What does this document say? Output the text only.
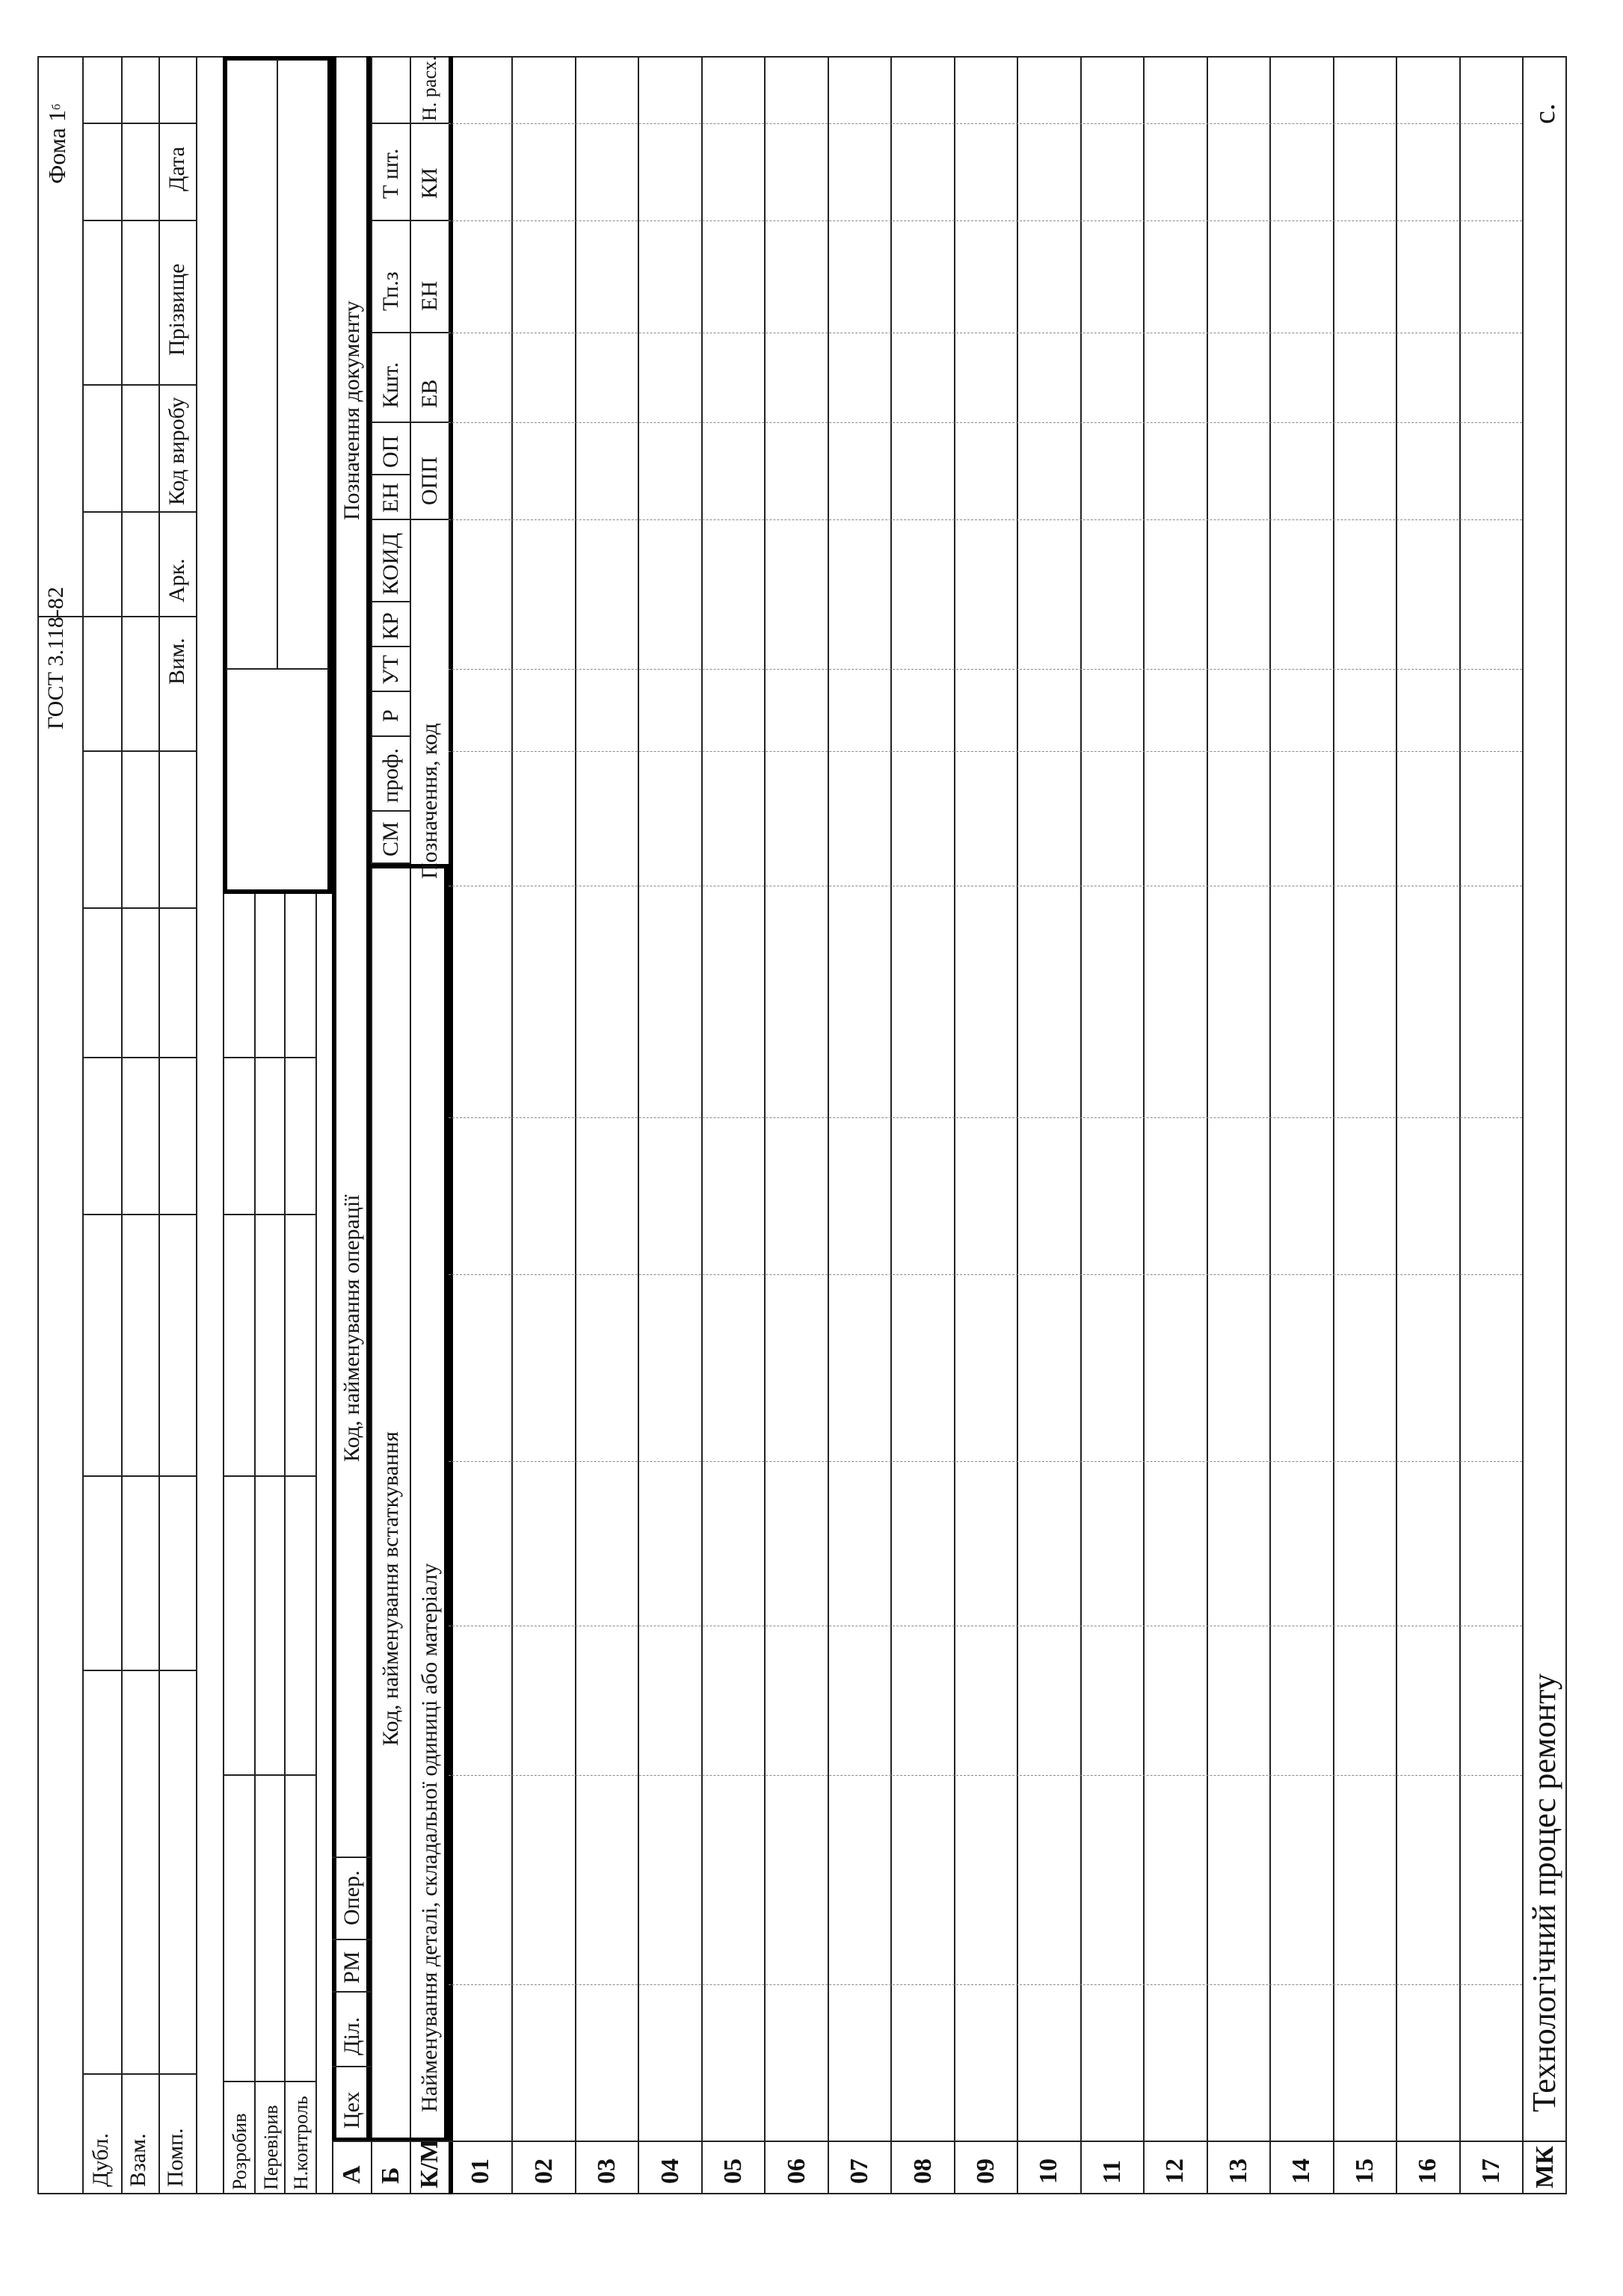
ГОСТ 3.118-82
Фома $1^б$
Дубл. Взам. Помп.
Вим.
Арк.
Код виробу
Прізвище
Дата
Розробив Перевірив Н.контроль А
Цех
Діл.
РМ
Опер.
Код, найменування операції
Позначення документу
Б
Код, найменування встаткування
СМ
проф.
Р
УТ
КР
КОИД
ЕН
ОП
Кшт.
Тп.з
Т шт.
К/М
Найменування деталі, складальної одиниці або матеріалу
Позначення, код
ОПП
ЕВ
ЕН
КИ
Н. расх.
01 02 03 04 05 06 07 08 09 10 11 12 13 14 15 16 17 МК
Технологічний процес ремонту
с.
